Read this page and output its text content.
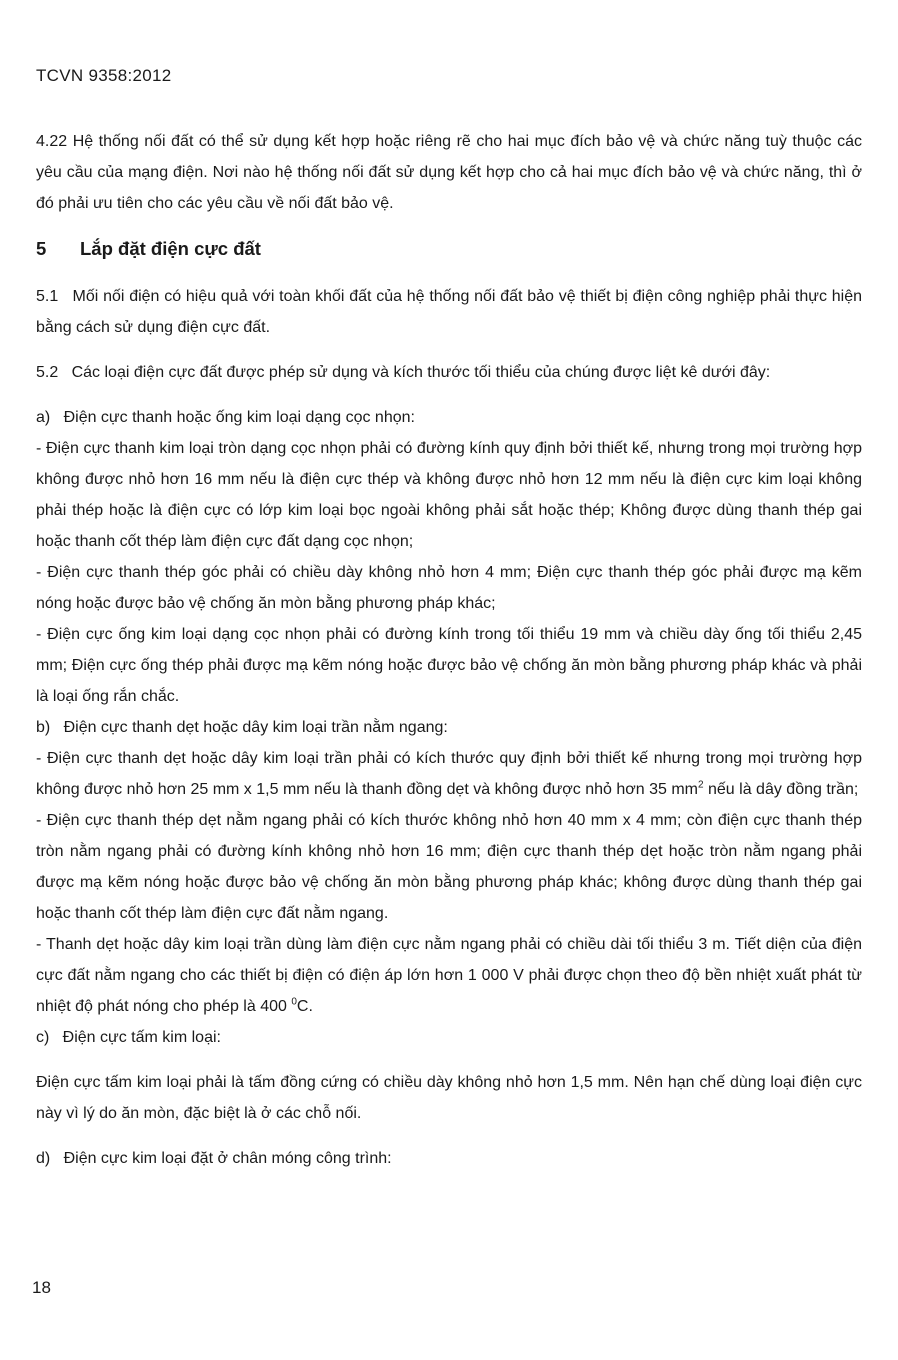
TCVN 9358:2012

4.22 Hệ thống nối đất có thể sử dụng kết hợp hoặc riêng rẽ cho hai mục đích bảo vệ và chức năng tuỳ thuộc các yêu cầu của mạng điện. Nơi nào hệ thống nối đất sử dụng kết hợp cho cả hai mục đích bảo vệ và chức năng, thì ở đó phải ưu tiên cho các yêu cầu về nối đất bảo vệ.

5 Lắp đặt điện cực đất

5.1 Mối nối điện có hiệu quả với toàn khối đất của hệ thống nối đất bảo vệ thiết bị điện công nghiệp phải thực hiện bằng cách sử dụng điện cực đất.

5.2 Các loại điện cực đất được phép sử dụng và kích thước tối thiểu của chúng được liệt kê dưới đây:

a) Điện cực thanh hoặc ống kim loại dạng cọc nhọn:

- Điện cực thanh kim loại tròn dạng cọc nhọn phải có đường kính quy định bởi thiết kế, nhưng trong mọi trường hợp không được nhỏ hơn 16 mm nếu là điện cực thép và không được nhỏ hơn 12 mm nếu là điện cực kim loại không phải thép hoặc là điện cực có lớp kim loại bọc ngoài không phải sắt hoặc thép; Không được dùng thanh thép gai hoặc thanh cốt thép làm điện cực đất dạng cọc nhọn;

- Điện cực thanh thép góc phải có chiều dày không nhỏ hơn 4 mm; Điện cực thanh thép góc phải được mạ kẽm nóng hoặc được bảo vệ chống ăn mòn bằng phương pháp khác;

- Điện cực ống kim loại dạng cọc nhọn phải có đường kính trong tối thiểu 19 mm và chiều dày ống tối thiểu 2,45 mm; Điện cực ống thép phải được mạ kẽm nóng hoặc được bảo vệ chống ăn mòn bằng phương pháp khác và phải là loại ống rắn chắc.

b) Điện cực thanh dẹt hoặc dây kim loại trần nằm ngang:

- Điện cực thanh dẹt hoặc dây kim loại trần phải có kích thước quy định bởi thiết kế nhưng trong mọi trường hợp không được nhỏ hơn 25 mm x 1,5 mm nếu là thanh đồng dẹt và không được nhỏ hơn 35 $mm^2$ nếu là dây đồng trần;

- Điện cực thanh thép dẹt nằm ngang phải có kích thước không nhỏ hơn 40 mm x 4 mm; còn điện cực thanh thép tròn nằm ngang phải có đường kính không nhỏ hơn 16 mm; điện cực thanh thép dẹt hoặc tròn nằm ngang phải được mạ kẽm nóng hoặc được bảo vệ chống ăn mòn bằng phương pháp khác; không được dùng thanh thép gai hoặc thanh cốt thép làm điện cực đất nằm ngang.

- Thanh dẹt hoặc dây kim loại trần dùng làm điện cực nằm ngang phải có chiều dài tối thiểu 3 m. Tiết diện của điện cực đất nằm ngang cho các thiết bị điện có điện áp lớn hơn 1 000 V phải được chọn theo độ bền nhiệt xuất phát từ nhiệt độ phát nóng cho phép là 400 $^0$C.

c) Điện cực tấm kim loại:

Điện cực tấm kim loại phải là tấm đồng cứng có chiều dày không nhỏ hơn 1,5 mm. Nên hạn chế dùng loại điện cực này vì lý do ăn mòn, đặc biệt là ở các chỗ nối.

d) Điện cực kim loại đặt ở chân móng công trình:

18
